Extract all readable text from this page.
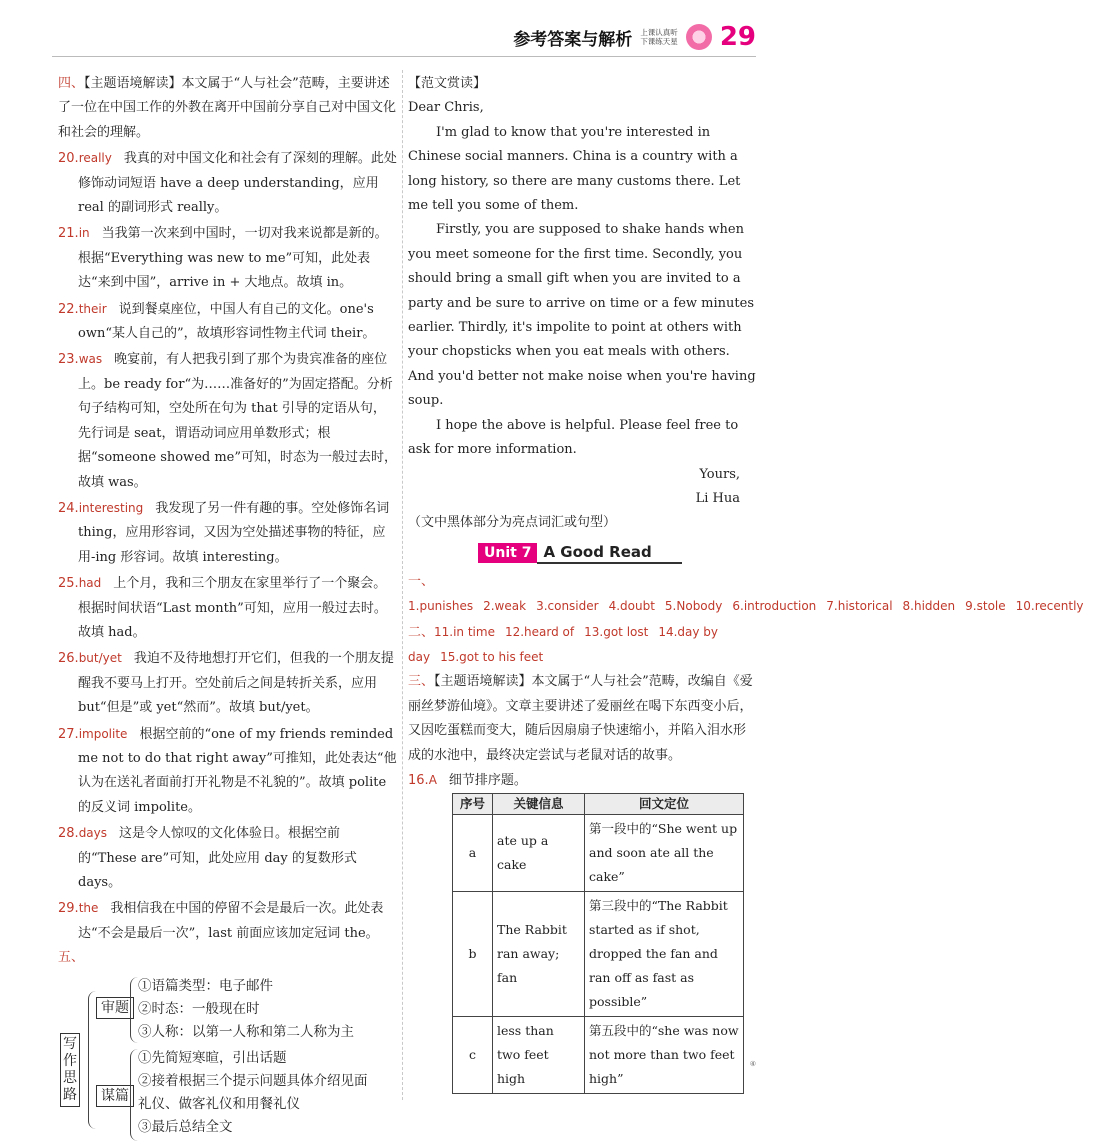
参考答案与解析 上课认真听
下课练天星 29
四、【主题语境解读】本文属于“人与社会”范畴，主要讲述了一位在中国工作的外教在离开中国前分享自己对中国文化和社会的理解。
20.really 我真的对中国文化和社会有了深刻的理解。此处修饰动词短语 have a deep understanding，应用 real 的副词形式 really。
21.in 当我第一次来到中国时，一切对我来说都是新的。根据“Everything was new to me”可知，此处表达“来到中国”，arrive in + 大地点。故填 in。
22.their 说到餐桌座位，中国人有自己的文化。one's own“某人自己的”，故填形容词性物主代词 their。
23.was 晚宴前，有人把我引到了那个为贵宾准备的座位上。be ready for“为……准备好的”为固定搭配。分析句子结构可知，空处所在句为 that 引导的定语从句，先行词是 seat，谓语动词应用单数形式；根据“someone showed me”可知，时态为一般过去时，故填 was。
24.interesting 我发现了另一件有趣的事。空处修饰名词 thing，应用形容词，又因为空处描述事物的特征，应用-ing 形容词。故填 interesting。
25.had 上个月，我和三个朋友在家里举行了一个聚会。根据时间状语“Last month”可知，应用一般过去时。故填 had。
26.but/yet 我迫不及待地想打开它们，但我的一个朋友提醒我不要马上打开。空处前后之间是转折关系，应用 but“但是”或 yet“然而”。故填 but/yet。
27.impolite 根据空前的“one of my friends reminded me not to do that right away”可推知，此处表达“他认为在送礼者面前打开礼物是不礼貌的”。故填 polite 的反义词 impolite。
28.days 这是令人惊叹的文化体验日。根据空前的“These are”可知，此处应用 day 的复数形式 days。
29.the 我相信我在中国的停留不会是最后一次。此处表达“不会是最后一次”，last 前面应该加定冠词 the。
五、
写作思路
审题
①语篇类型：电子邮件
②时态：一般现在时
③人称：以第一人称和第二人称为主
谋篇
①先简短寒暄，引出话题
②接着根据三个提示问题具体介绍见面
礼仪、做客礼仪和用餐礼仪
③最后总结全文
【范文赏读】

Dear Chris,

I'm glad to know that you're interested in Chinese social manners. China is a country with a long history, so there are many customs there. Let me tell you some of them.

Firstly, you are supposed to shake hands when you meet someone for the first time. Secondly, you should bring a small gift when you are invited to a party and be sure to arrive on time or a few minutes earlier. Thirdly, it's impolite to point at others with your chopsticks when you eat meals with others. And you'd better not make noise when you're having soup.

I hope the above is helpful. Please feel free to ask for more information.

Yours,

Li Hua

（文中黑体部分为亮点词汇或句型）
Unit 7 A Good Read
一、1.punishes 2.weak 3.consider 4.doubt 5.Nobody 6.introduction 7.historical 8.hidden 9.stole 10.recently
二、11.in time 12.heard of 13.got lost 14.day by day 15.got to his feet
三、【主题语境解读】本文属于“人与社会”范畴，改编自《爱丽丝梦游仙境》。文章主要讲述了爱丽丝在喝下东西变小后，又因吃蛋糕而变大，随后因扇扇子快速缩小，并陷入泪水形成的水池中，最终决定尝试与老鼠对话的故事。
16.A 细节排序题。
序号	关键信息	回文定位
a	ate up a cake	第一段中的“She went up and soon ate all the cake”
b	The Rabbit ran away; fan	第三段中的“The Rabbit started as if shot, dropped the fan and ran off as fast as possible”
c	less than two feet high	第五段中的“she was now not more than two feet high”
④
